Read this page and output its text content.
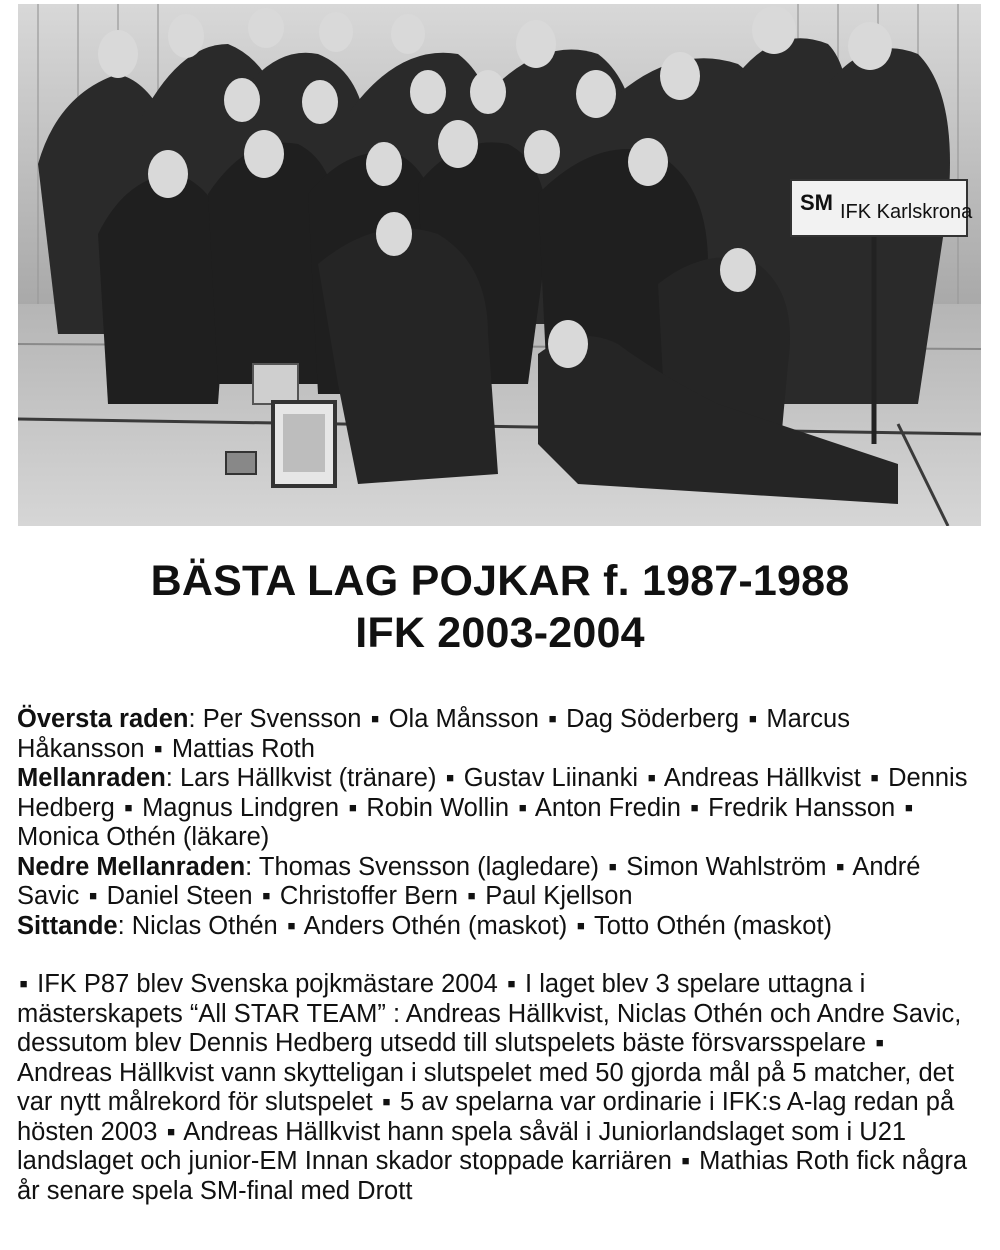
SM IFK Karlskrona
BÄSTA LAG POJKAR f. 1987-1988
IFK 2003-2004

Översta raden: Per Svensson ▪ Ola Månsson ▪ Dag Söderberg ▪ Marcus Håkansson ▪ Mattias Roth

Mellanraden: Lars Hällkvist (tränare) ▪ Gustav Liinanki ▪ Andreas Hällkvist ▪ Dennis Hedberg ▪ Magnus Lindgren ▪ Robin Wollin ▪ Anton Fredin ▪ Fredrik Hansson ▪ Monica Othén (läkare)

Nedre Mellanraden: Thomas Svensson (lagledare) ▪ Simon Wahlström ▪ André Savic ▪ Daniel Steen ▪ Christoffer Bern ▪ Paul Kjellson

Sittande: Niclas Othén ▪ Anders Othén (maskot) ▪ Totto Othén (maskot)

▪ IFK P87 blev Svenska pojkmästare 2004 ▪ I laget blev 3 spelare uttagna i mästerskapets “All STAR TEAM” : Andreas Hällkvist, Niclas Othén och Andre Savic, dessutom blev Dennis Hedberg utsedd till slutspelets bäste försvarsspelare ▪ Andreas Hällkvist vann skytteligan i slutspelet med 50 gjorda mål på 5 matcher, det var nytt målrekord för slutspelet ▪ 5 av spelarna var ordinarie i IFK:s A-lag redan på hösten 2003 ▪ Andreas Hällkvist hann spela såväl i Juniorlandslaget som i U21 landslaget och junior-EM Innan skador stoppade karriären ▪ Mathias Roth fick några år senare spela SM-final med Drott
